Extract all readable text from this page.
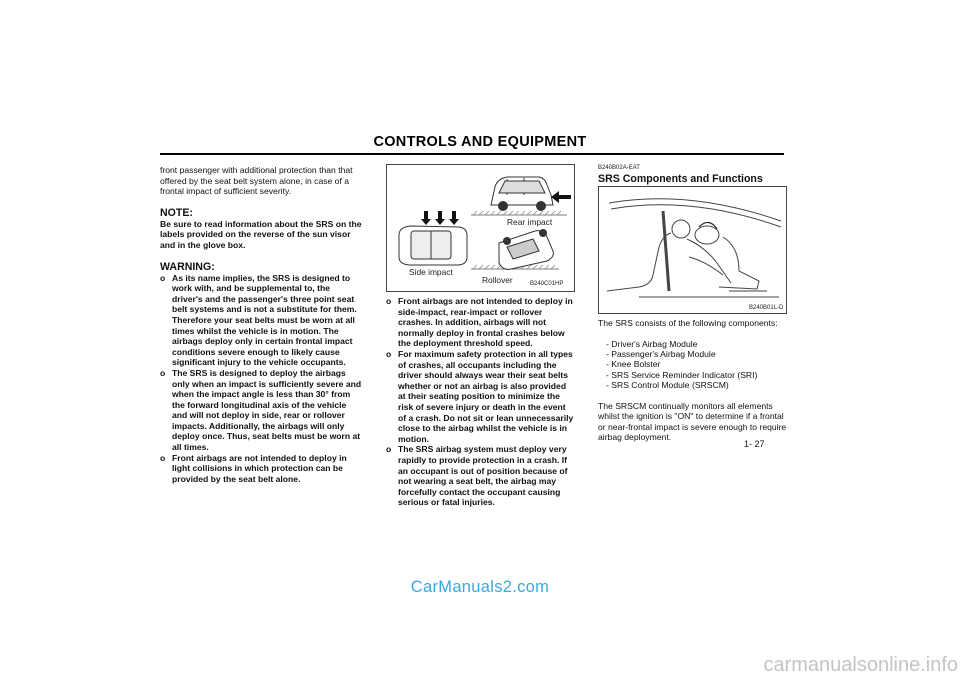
CONTROLS AND EQUIPMENT
front passenger with additional protection than that offered by the seat belt system alone, in case of a frontal impact of sufficient severity.
NOTE:
Be sure to read information about the SRS on the labels provided on the reverse of the sun visor and in the glove box.
WARNING:
o As its name implies, the SRS is designed to work with, and be supplemental to, the driver's and the passenger's three point seat belt systems and is not a substitute for them. Therefore your seat belts must be worn at all times whilst the vehicle is in motion. The airbags deploy only in certain frontal impact conditions severe enough to likely cause significant injury to the vehicle occupants.
o The SRS is designed to deploy the airbags only when an impact is sufficiently severe and when the impact angle is less than 30° from the forward longitudinal axis of the vehicle and will not deploy in side, rear or rollover impacts. Additionally, the airbags will only deploy once. Thus, seat belts must be worn at all times.
o Front airbags are not intended to deploy in light collisions in which protection can be provided by the seat belt alone.
Rear impact
Side impact
Rollover	B240C01HP
o Front airbags are not intended to deploy in side-impact, rear-impact or rollover crashes. In addition, airbags will not normally deploy in frontal crashes below the deployment threshold speed.
o For maximum safety protection in all types of crashes, all occupants including the driver should always wear their seat belts whether or not an airbag is also provided at their seating position to minimize the risk of severe injury or death in the event of a crash. Do not sit or lean unnecessarily close to the airbag whilst the vehicle is in motion.
o The SRS airbag system must deploy very rapidly to provide protection in a crash. If an occupant is out of position because of not wearing a seat belt, the airbag may forcefully contact the occupant causing serious or fatal injuries.
B240B02A-EAT
SRS Components and Functions
B240B01L-D
The SRS consists of the following components:
- Driver's Airbag Module
- Passenger's Airbag Module
- Knee Bolster
- SRS Service Reminder Indicator (SRI)
- SRS Control Module (SRSCM)
The SRSCM continually monitors all elements whilst the ignition is "ON" to determine if a frontal or near-frontal impact is severe enough to require airbag deployment.
1- 27
CarManuals2.com
carmanualsonline.info
